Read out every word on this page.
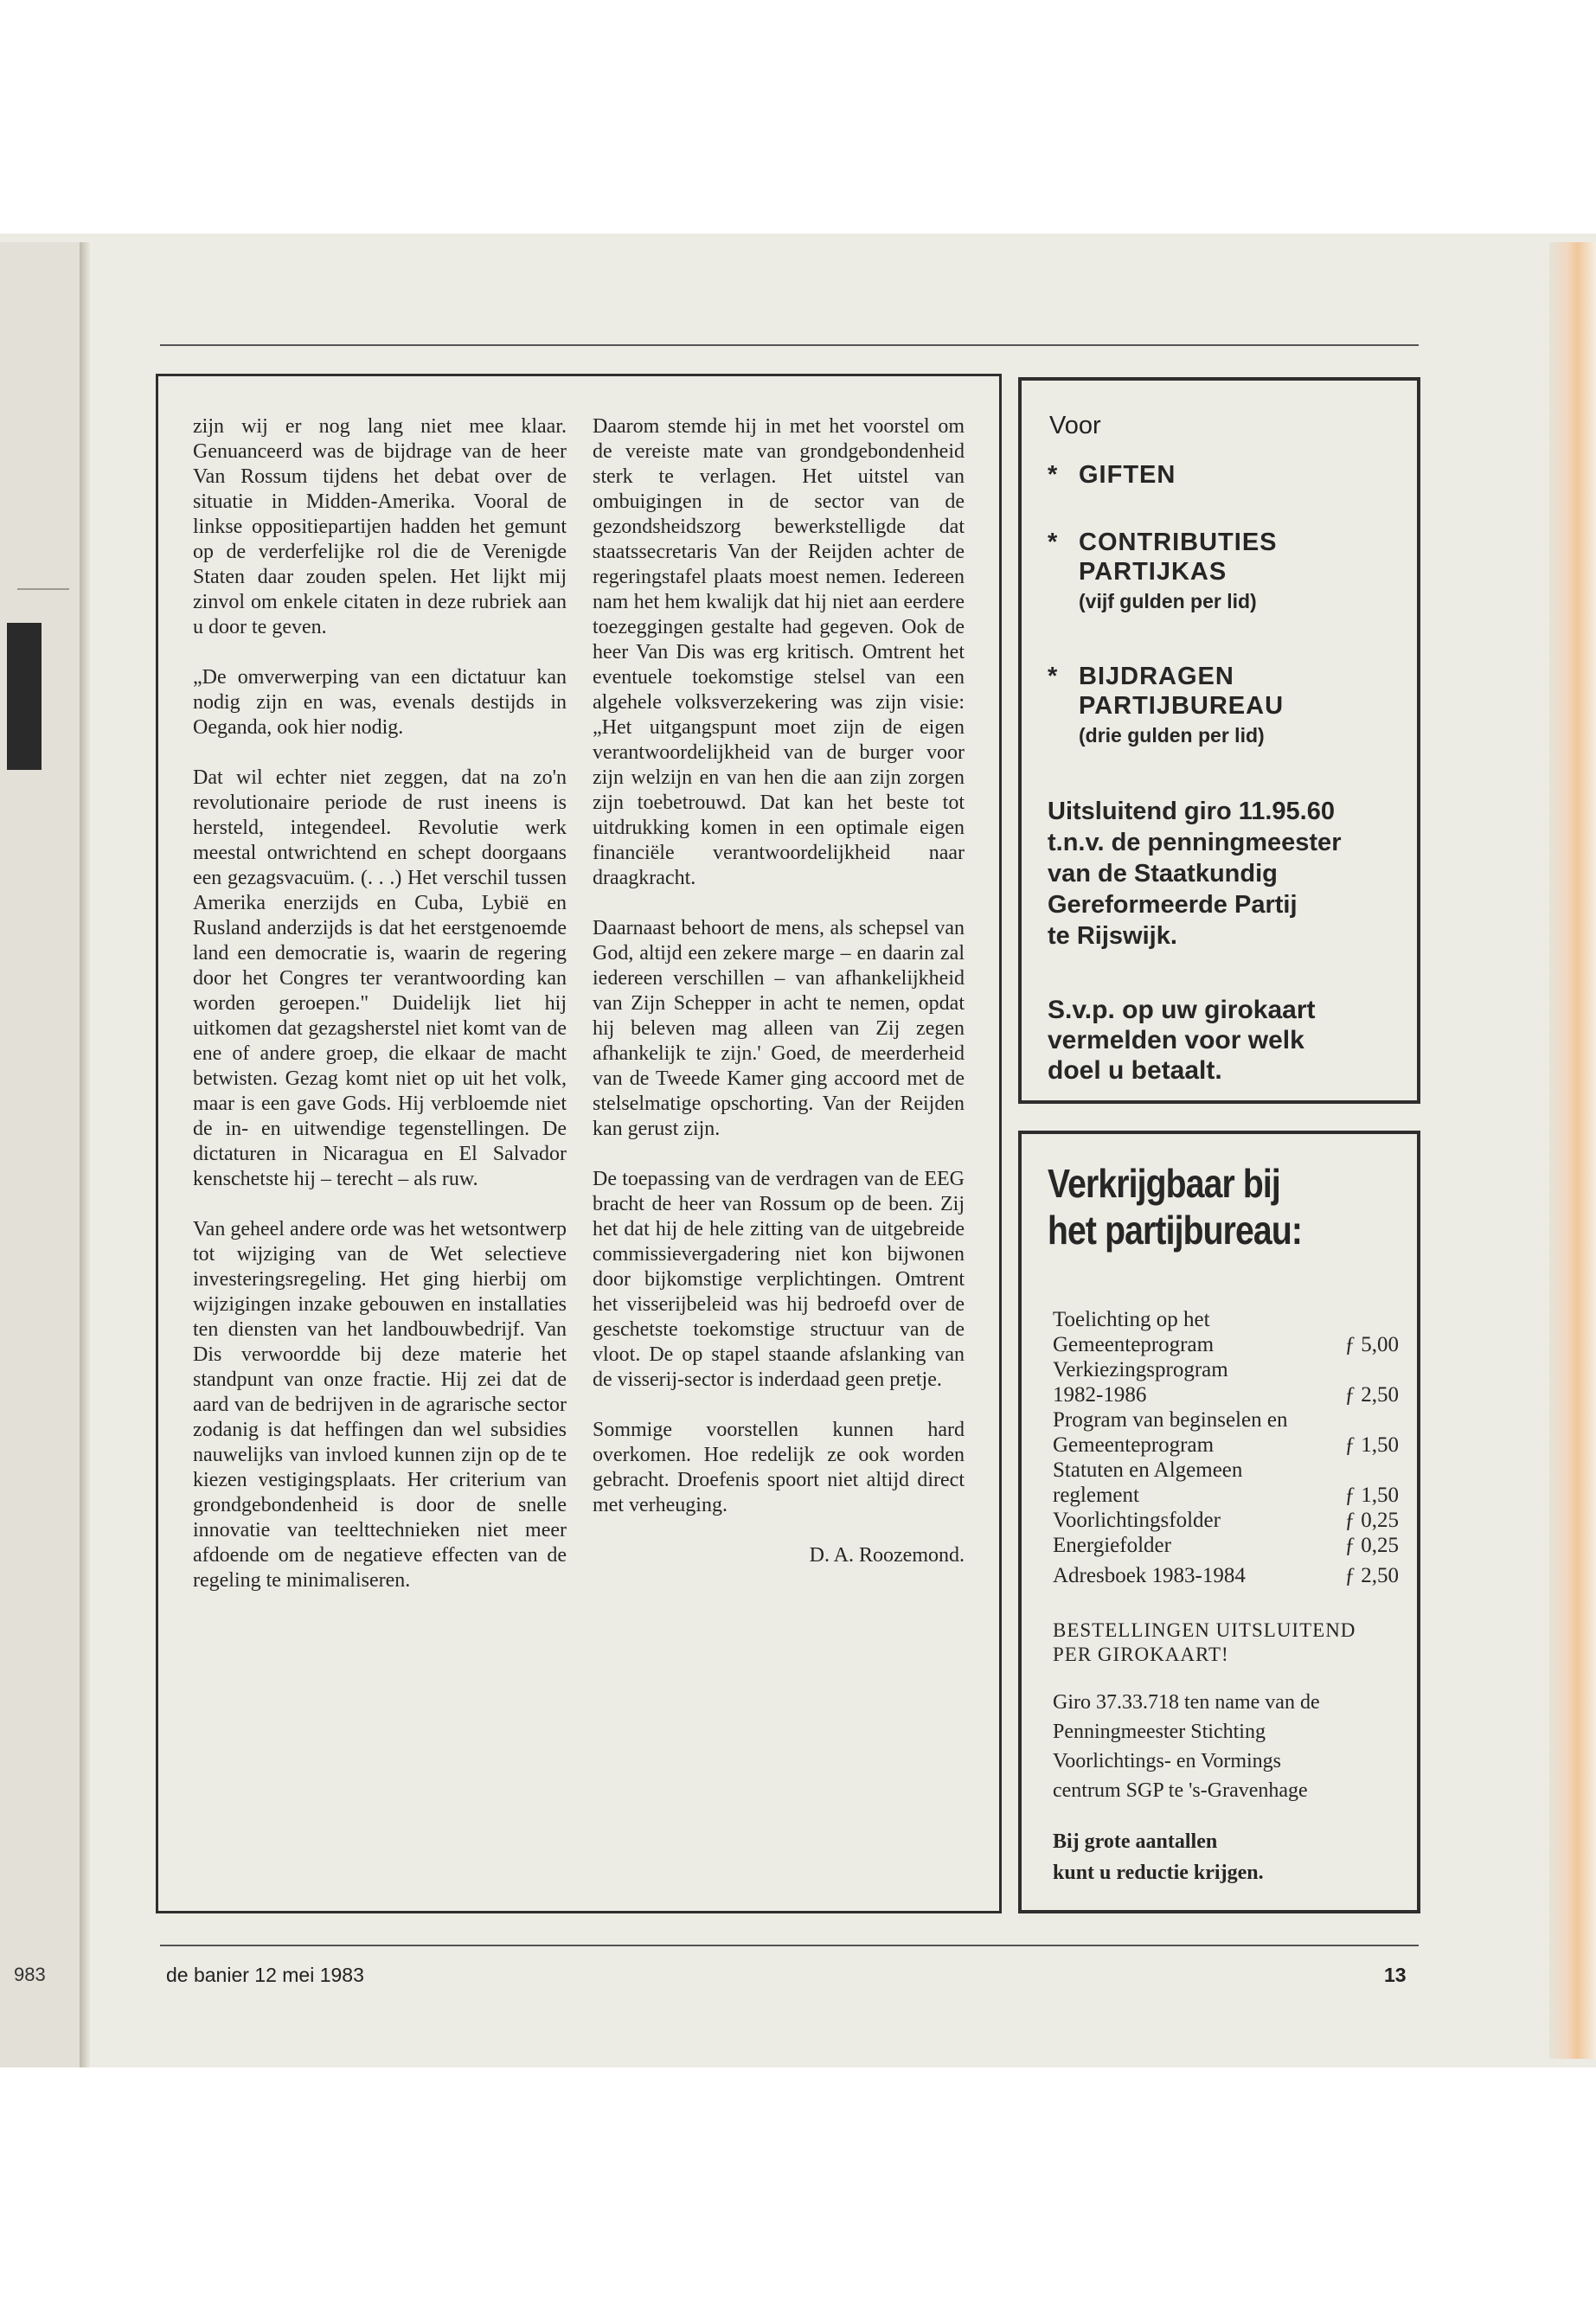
983

zijn wij er nog lang niet mee klaar. Genuanceerd was de bijdrage van de heer Van Rossum tijdens het debat over de situatie in Midden-Amerika. Vooral de linkse oppositiepartijen hadden het gemunt op de verderfelijke rol die de Verenigde Staten daar zouden spelen. Het lijkt mij zinvol om enkele citaten in deze rubriek aan u door te geven.

„De omverwerping van een dictatuur kan nodig zijn en was, evenals destijds in Oeganda, ook hier nodig.

Dat wil echter niet zeggen, dat na zo'n revolutionaire periode de rust ineens is hersteld, integendeel. Revolutie werk meestal ontwrichtend en schept doorgaans een gezagsvacuüm. (. . .) Het verschil tussen Amerika enerzijds en Cuba, Lybië en Rusland anderzijds is dat het eerstgenoemde land een democratie is, waarin de regering door het Congres ter verantwoording kan worden geroepen." Duidelijk liet hij uitkomen dat gezagsherstel niet komt van de ene of andere groep, die elkaar de macht betwisten. Gezag komt niet op uit het volk, maar is een gave Gods. Hij verbloemde niet de in- en uitwendige tegenstellingen. De dictaturen in Nicaragua en El Salvador kenschetste hij – terecht – als ruw.

Van geheel andere orde was het wetsontwerp tot wijziging van de Wet selectieve investeringsregeling. Het ging hierbij om wijzigingen inzake gebouwen en installaties ten diensten van het landbouwbedrijf. Van Dis verwoordde bij deze materie het standpunt van onze fractie. Hij zei dat de aard van de bedrijven in de agrarische sector zodanig is dat heffingen dan wel subsidies nauwelijks van invloed kunnen zijn op de te kiezen vestigingsplaats. Her criterium van grondgebondenheid is door de snelle innovatie van teelttechnieken niet meer afdoende om de negatieve effecten van de regeling te minimaliseren.

Daarom stemde hij in met het voorstel om de vereiste mate van grondgebondenheid sterk te verlagen. Het uitstel van ombuigingen in de sector van de gezondsheidszorg bewerkstelligde dat staatssecretaris Van der Reijden achter de regeringstafel plaats moest nemen. Iedereen nam het hem kwalijk dat hij niet aan eerdere toezeggingen gestalte had gegeven. Ook de heer Van Dis was erg kritisch. Omtrent het eventuele toekomstige stelsel van een algehele volksverzekering was zijn visie: „Het uitgangspunt moet zijn de eigen verantwoordelijkheid van de burger voor zijn welzijn en van hen die aan zijn zorgen zijn toebetrouwd. Dat kan het beste tot uitdrukking komen in een optimale eigen financiële verantwoordelijkheid naar draagkracht.

Daarnaast behoort de mens, als schepsel van God, altijd een zekere marge – en daarin zal iedereen verschillen – van afhankelijkheid van Zijn Schepper in acht te nemen, opdat hij beleven mag alleen van Zij zegen afhankelijk te zijn.' Goed, de meerderheid van de Tweede Kamer ging accoord met de stelselmatige opschorting. Van der Reijden kan gerust zijn.

De toepassing van de verdragen van de EEG bracht de heer van Rossum op de been. Zij het dat hij de hele zitting van de uitgebreide commissievergadering niet kon bijwonen door bijkomstige verplichtingen. Omtrent het visserijbeleid was hij bedroefd over de geschetste toekomstige structuur van de vloot. De op stapel staande afslanking van de visserij-sector is inderdaad geen pretje.

Sommige voorstellen kunnen hard overkomen. Hoe redelijk ze ook worden gebracht. Droefenis spoort niet altijd direct met verheuging.

D. A. Roozemond.
Voor
* GIFTEN
* CONTRIBUTIES
PARTIJKAS
(vijf gulden per lid)
* BIJDRAGEN
PARTIJBUREAU
(drie gulden per lid)
Uitsluitend giro 11.95.60
t.n.v. de penningmeester
van de Staatkundig
Gereformeerde Partij
te Rijswijk.
S.v.p. op uw girokaart
vermelden voor welk
doel u betaalt.
Verkrijgbaar bij
het partijbureau:
Toelichting op het
Gemeenteprogram	ƒ 5,00
Verkiezingsprogram
1982-1986	ƒ 2,50
Program van beginselen en
Gemeenteprogram	ƒ 1,50
Statuten en Algemeen
reglement	ƒ 1,50
Voorlichtingsfolder	ƒ 0,25
Energiefolder	ƒ 0,25
Adresboek 1983-1984	ƒ 2,50
BESTELLINGEN UITSLUITEND
PER GIROKAART!
Giro 37.33.718 ten name van de
Penningmeester Stichting
Voorlichtings- en Vormings
centrum SGP te 's-Gravenhage
Bij grote aantallen
kunt u reductie krijgen.
de banier 12 mei 1983	13
